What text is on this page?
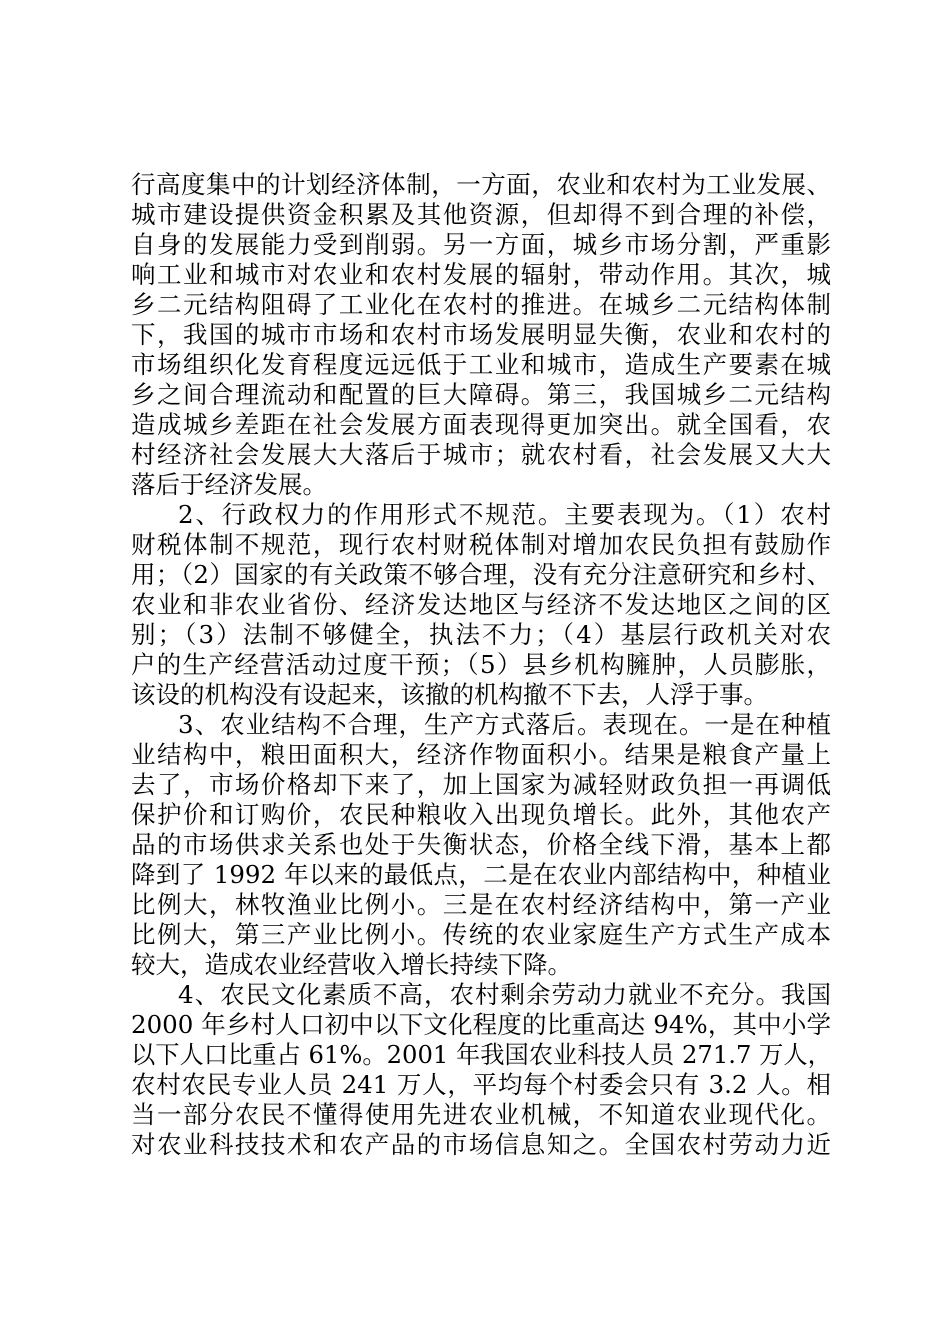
行高度集中的计划经济体制，一方面，农业和农村为工业发展、
城市建设提供资金积累及其他资源，但却得不到合理的补偿，
自身的发展能力受到削弱。另一方面，城乡市场分割，严重影
响工业和城市对农业和农村发展的辐射，带动作用。其次，城
乡二元结构阻碍了工业化在农村的推进。在城乡二元结构体制
下，我国的城市市场和农村市场发展明显失衡，农业和农村的
市场组织化发育程度远远低于工业和城市，造成生产要素在城
乡之间合理流动和配置的巨大障碍。第三，我国城乡二元结构
造成城乡差距在社会发展方面表现得更加突出。就全国看，农
村经济社会发展大大落后于城市；就农村看，社会发展又大大
落后于经济发展。
2、行政权力的作用形式不规范。主要表现为。（1）农村
财税体制不规范，现行农村财税体制对增加农民负担有鼓励作
用；（2）国家的有关政策不够合理，没有充分注意研究和乡村、
农业和非农业省份、经济发达地区与经济不发达地区之间的区
别；（3）法制不够健全，执法不力；（4）基层行政机关对农
户的生产经营活动过度干预；（5）县乡机构臃肿，人员膨胀，
该设的机构没有设起来，该撤的机构撤不下去，人浮于事。
3、农业结构不合理，生产方式落后。表现在。一是在种植
业结构中，粮田面积大，经济作物面积小。结果是粮食产量上
去了，市场价格却下来了，加上国家为减轻财政负担一再调低
保护价和订购价，农民种粮收入出现负增长。此外，其他农产
品的市场供求关系也处于失衡状态，价格全线下滑，基本上都
降到了 1992 年以来的最低点，二是在农业内部结构中，种植业
比例大，林牧渔业比例小。三是在农村经济结构中，第一产业
比例大，第三产业比例小。传统的农业家庭生产方式生产成本
较大，造成农业经营收入增长持续下降。
4、农民文化素质不高，农村剩余劳动力就业不充分。我国
2000 年乡村人口初中以下文化程度的比重高达 94%，其中小学
以下人口比重占 61%。2001 年我国农业科技人员 271.7 万人，
农村农民专业人员 241 万人，平均每个村委会只有 3.2 人。相
当一部分农民不懂得使用先进农业机械，不知道农业现代化。
对农业科技技术和农产品的市场信息知之。全国农村劳动力近
